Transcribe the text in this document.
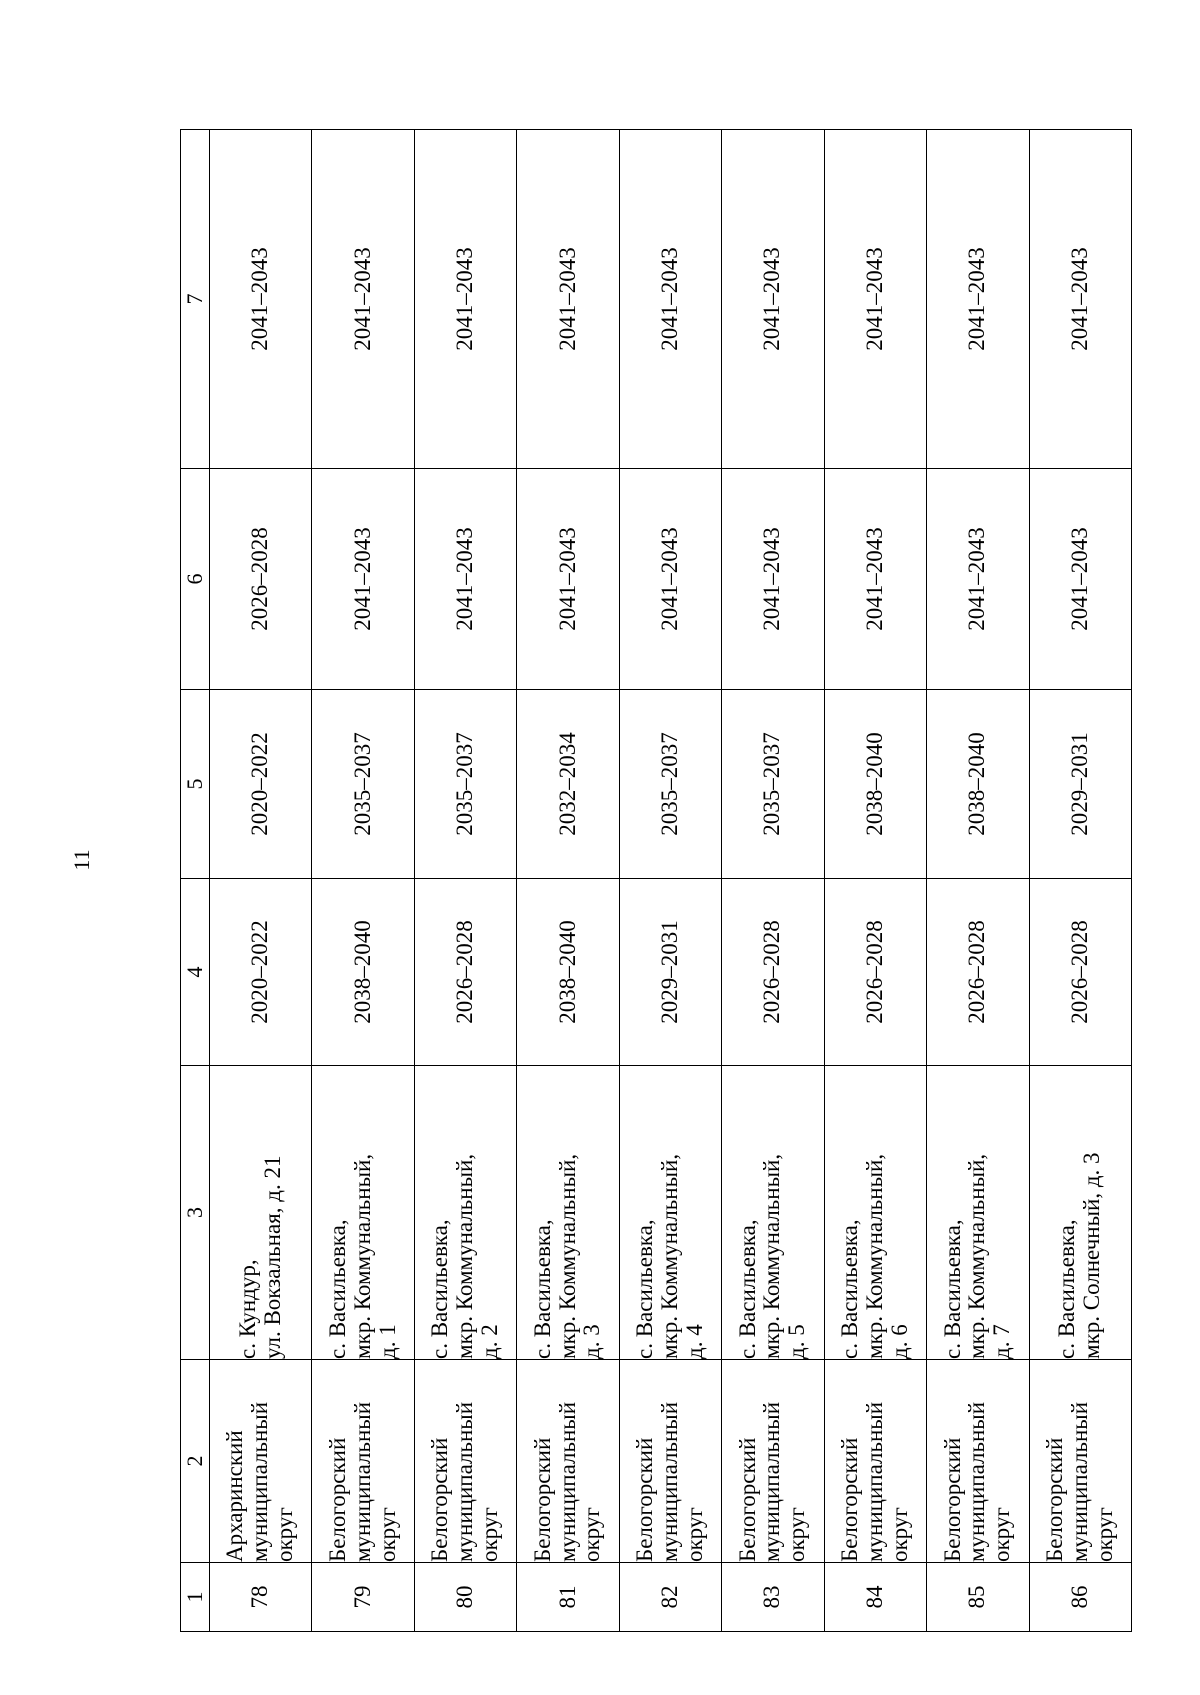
11
1	2	3	4	5	6	7
78	Архаринский муниципальный округ	с. Кундур, ул. Вокзальная, д. 21	2020–2022	2020–2022	2026–2028	2041–2043
79	Белогорский муниципальный округ	с. Васильевка, мкр. Коммунальный, д. 1	2038–2040	2035–2037	2041–2043	2041–2043
80	Белогорский муниципальный округ	с. Васильевка, мкр. Коммунальный, д. 2	2026–2028	2035–2037	2041–2043	2041–2043
81	Белогорский муниципальный округ	с. Васильевка, мкр. Коммунальный, д. 3	2038–2040	2032–2034	2041–2043	2041–2043
82	Белогорский муниципальный округ	с. Васильевка, мкр. Коммунальный, д. 4	2029–2031	2035–2037	2041–2043	2041–2043
83	Белогорский муниципальный округ	с. Васильевка, мкр. Коммунальный, д. 5	2026–2028	2035–2037	2041–2043	2041–2043
84	Белогорский муниципальный округ	с. Васильевка, мкр. Коммунальный, д. 6	2026–2028	2038–2040	2041–2043	2041–2043
85	Белогорский муниципальный округ	с. Васильевка, мкр. Коммунальный, д. 7	2026–2028	2038–2040	2041–2043	2041–2043
86	Белогорский муниципальный округ	с. Васильевка, мкр. Солнечный, д. 3	2026–2028	2029–2031	2041–2043	2041–2043
